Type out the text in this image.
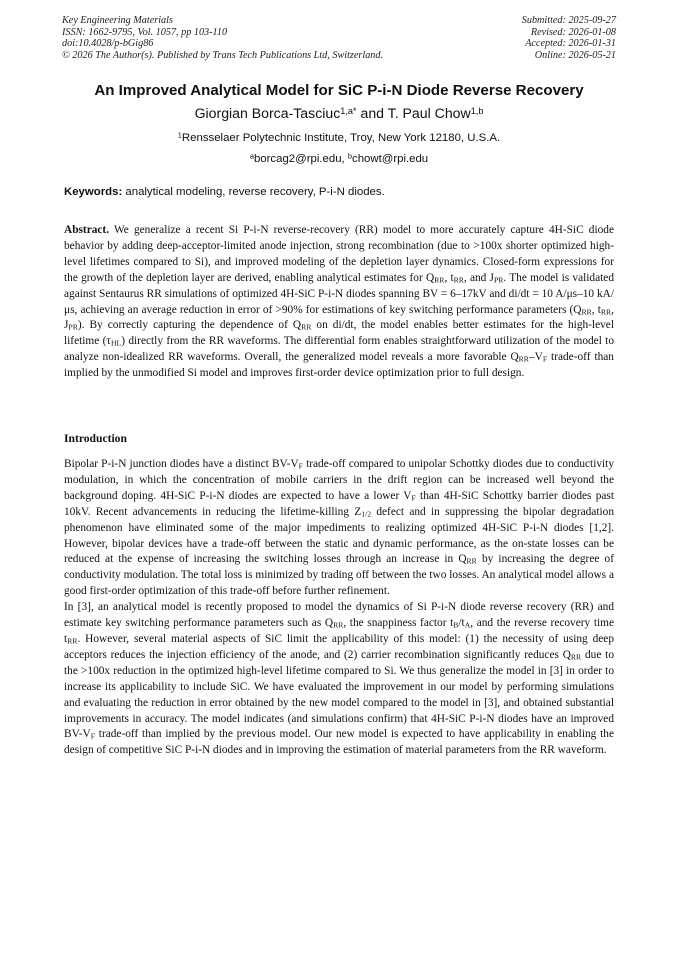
Key Engineering Materials
ISSN: 1662-9795, Vol. 1057, pp 103-110
doi:10.4028/p-bGig86
© 2026 The Author(s). Published by Trans Tech Publications Ltd, Switzerland.
Submitted: 2025-09-27
Revised: 2026-01-08
Accepted: 2026-01-31
Online: 2026-05-21
An Improved Analytical Model for SiC P-i-N Diode Reverse Recovery
Giorgian Borca-Tasciuc$^{1,a*}$ and T. Paul Chow$^{1,b}$
$^1$Rensselaer Polytechnic Institute, Troy, New York 12180, U.S.A.
$^a$borcag2@rpi.edu, $^b$chowt@rpi.edu
Keywords: analytical modeling, reverse recovery, P-i-N diodes.
Abstract. We generalize a recent Si P-i-N reverse-recovery (RR) model to more accurately capture 4H-SiC diode behavior by adding deep-acceptor-limited anode injection, strong recombination (due to >100x shorter optimized high-level lifetimes compared to Si), and improved modeling of the depletion layer dynamics. Closed-form expressions for the growth of the depletion layer are derived, enabling analytical estimates for $Q_{RR}$, $t_{RR}$, and $J_{PR}$. The model is validated against Sentaurus RR simulations of optimized 4H-SiC P-i-N diodes spanning BV = 6–17kV and di/dt = 10 A/μs–10 kA/μs, achieving an average reduction in error of >90% for estimations of key switching performance parameters ($Q_{RR}$, $t_{RR}$, $J_{PR}$). By correctly capturing the dependence of $Q_{RR}$ on di/dt, the model enables better estimates for the high-level lifetime $(\tau_{HL})$ directly from the RR waveforms. The differential form enables straightforward utilization of the model to analyze non-idealized RR waveforms. Overall, the generalized model reveals a more favorable $Q_{RR}-V_F$ trade-off than implied by the unmodified Si model and improves first-order device optimization prior to full design.
Introduction

Bipolar P-i-N junction diodes have a distinct $BV-V_F$ trade-off compared to unipolar Schottky diodes due to conductivity modulation, in which the concentration of mobile carriers in the drift region can be increased well beyond the background doping. 4H-SiC P-i-N diodes are expected to have a lower $V_F$ than 4H-SiC Schottky barrier diodes past 10kV. Recent advancements in reducing the lifetime-killing $Z_{1/2}$ defect and in suppressing the bipolar degradation phenomenon have eliminated some of the major impediments to realizing optimized 4H-SiC P-i-N diodes [1,2]. However, bipolar devices have a trade-off between the static and dynamic performance, as the on-state losses can be reduced at the expense of increasing the switching losses through an increase in $Q_{RR}$ by increasing the degree of conductivity modulation. The total loss is minimized by trading off between the two losses. An analytical model allows a good first-order optimization of this trade-off before further refinement.

In [3], an analytical model is recently proposed to model the dynamics of Si P-i-N diode reverse recovery (RR) and estimate key switching performance parameters such as $Q_{RR}$, the snappiness factor $t_B/t_A$, and the reverse recovery time $t_{RR}$. However, several material aspects of SiC limit the applicability of this model: (1) the necessity of using deep acceptors reduces the injection efficiency of the anode, and (2) carrier recombination significantly reduces $Q_{RR}$ due to the >100x reduction in the optimized high-level lifetime compared to Si. We thus generalize the model in [3] in order to increase its applicability to include SiC. We have evaluated the improvement in our model by performing simulations and evaluating the reduction in error obtained by the new model compared to the model in [3], and obtained substantial improvements in accuracy. The model indicates (and simulations confirm) that 4H-SiC P-i-N diodes have an improved $BV-V_F$ trade-off than implied by the previous model. Our new model is expected to have applicability in enabling the design of competitive SiC P-i-N diodes and in improving the estimation of material parameters from the RR waveform.
